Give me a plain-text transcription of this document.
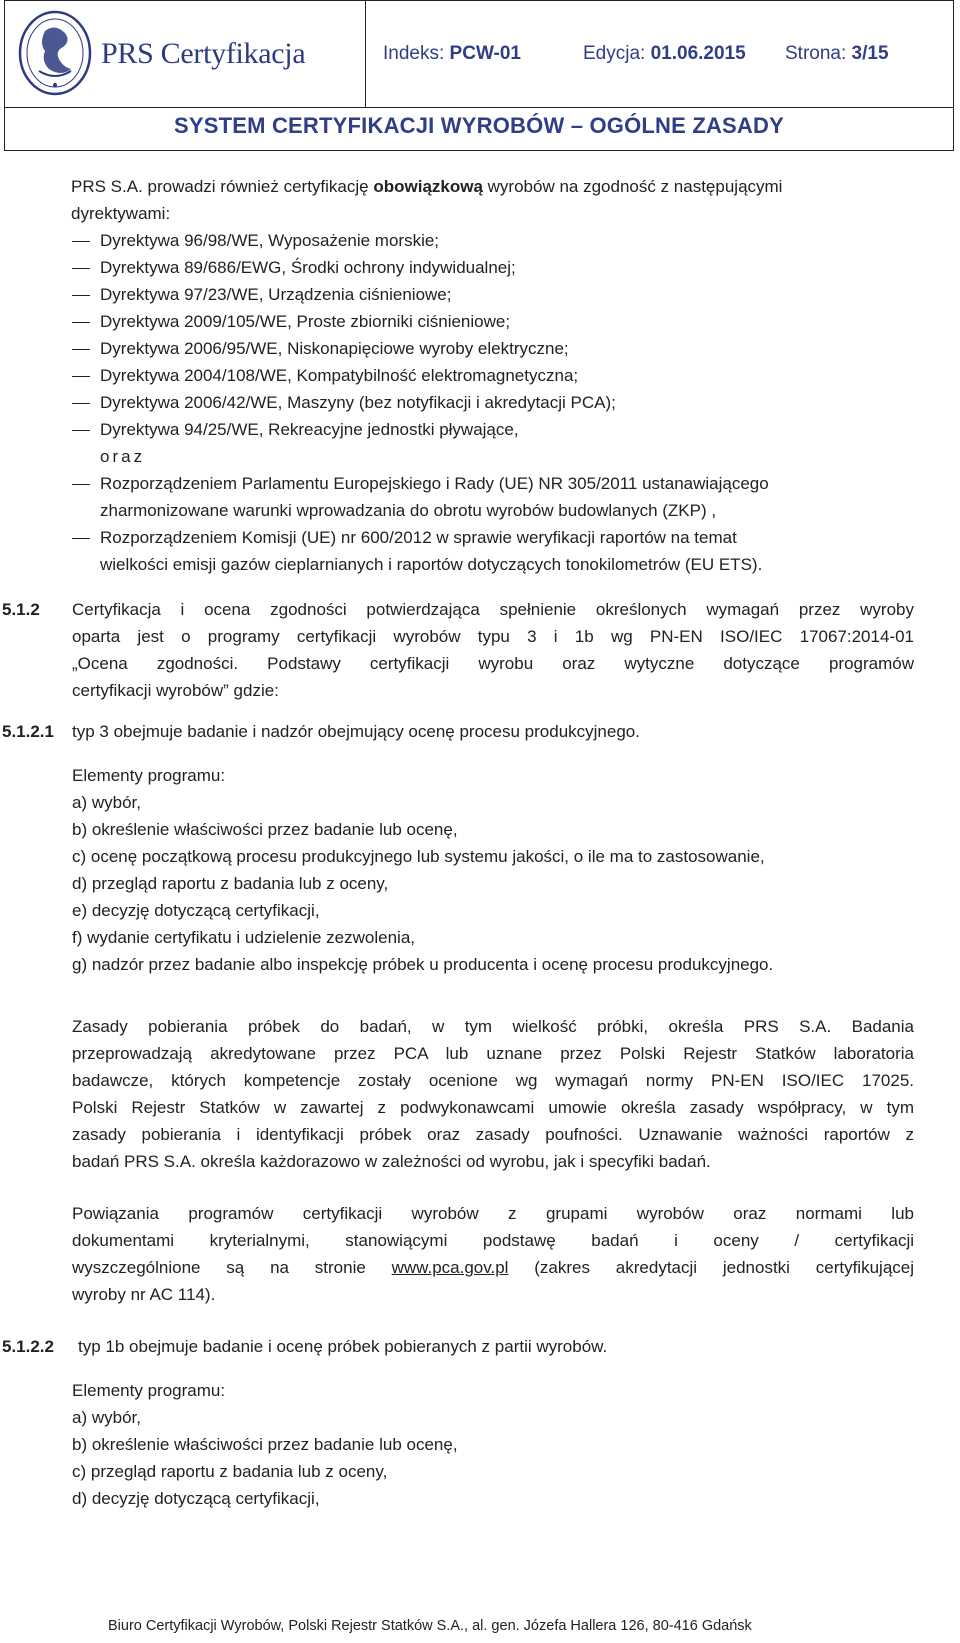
PRS Certyfikacja	Indeks: PCW-01	Edycja: 01.06.2015 Strona: 3/15
SYSTEM CERTYFIKACJI WYROBÓW – OGÓLNE ZASADY
PRS S.A. prowadzi również certyfikację obowiązkową wyrobów na zgodność z następującymi
dyrektywami:
Dyrektywa 96/98/WE, Wyposażenie morskie;
Dyrektywa 89/686/EWG, Środki ochrony indywidualnej;
Dyrektywa 97/23/WE, Urządzenia ciśnieniowe;
Dyrektywa 2009/105/WE, Proste zbiorniki ciśnieniowe;
Dyrektywa 2006/95/WE, Niskonapięciowe wyroby elektryczne;
Dyrektywa 2004/108/WE, Kompatybilność elektromagnetyczna;
Dyrektywa 2006/42/WE, Maszyny (bez notyfikacji i akredytacji PCA);
Dyrektywa 94/25/WE, Rekreacyjne jednostki pływające,
oraz
Rozporządzeniem Parlamentu Europejskiego i Rady (UE) NR 305/2011 ustanawiającego
zharmonizowane warunki wprowadzania do obrotu wyrobów budowlanych (ZKP) ,
Rozporządzeniem Komisji (UE) nr 600/2012 w sprawie weryfikacji raportów na temat
wielkości emisji gazów cieplarnianych i raportów dotyczących tonokilometrów (EU ETS).
5.1.2 Certyfikacja i ocena zgodności potwierdzająca spełnienie określonych wymagań przez wyroby
oparta jest o programy certyfikacji wyrobów typu 3 i 1b wg PN-EN ISO/IEC 17067:2014-01
„Ocena zgodności. Podstawy certyfikacji wyrobu oraz wytyczne dotyczące programów
certyfikacji wyrobów” gdzie:
5.1.2.1 typ 3 obejmuje badanie i nadzór obejmujący ocenę procesu produkcyjnego.
Elementy programu:
a) wybór,
b) określenie właściwości przez badanie lub ocenę,
c) ocenę początkową procesu produkcyjnego lub systemu jakości, o ile ma to zastosowanie,
d) przegląd raportu z badania lub z oceny,
e) decyzję dotyczącą certyfikacji,
f) wydanie certyfikatu i udzielenie zezwolenia,
g) nadzór przez badanie albo inspekcję próbek u producenta i ocenę procesu produkcyjnego.
Zasady pobierania próbek do badań, w tym wielkość próbki, określa PRS S.A. Badania
przeprowadzają akredytowane przez PCA lub uznane przez Polski Rejestr Statków laboratoria
badawcze, których kompetencje zostały ocenione wg wymagań normy PN-EN ISO/IEC 17025.
Polski Rejestr Statków w zawartej z podwykonawcami umowie określa zasady współpracy, w tym
zasady pobierania i identyfikacji próbek oraz zasady poufności. Uznawanie ważności raportów z
badań PRS S.A. określa każdorazowo w zależności od wyrobu, jak i specyfiki badań.
Powiązania programów certyfikacji wyrobów z grupami wyrobów oraz normami lub
dokumentami kryterialnymi, stanowiącymi podstawę badań i oceny / certyfikacji
wyszczególnione są na stronie www.pca.gov.pl (zakres akredytacji jednostki certyfikującej
wyroby nr AC 114).
5.1.2.2 typ 1b obejmuje badanie i ocenę próbek pobieranych z partii wyrobów.
Elementy programu:
a) wybór,
b) określenie właściwości przez badanie lub ocenę,
c) przegląd raportu z badania lub z oceny,
d) decyzję dotyczącą certyfikacji,
Biuro Certyfikacji Wyrobów, Polski Rejestr Statków S.A., al. gen. Józefa Hallera 126, 80-416 Gdańsk
